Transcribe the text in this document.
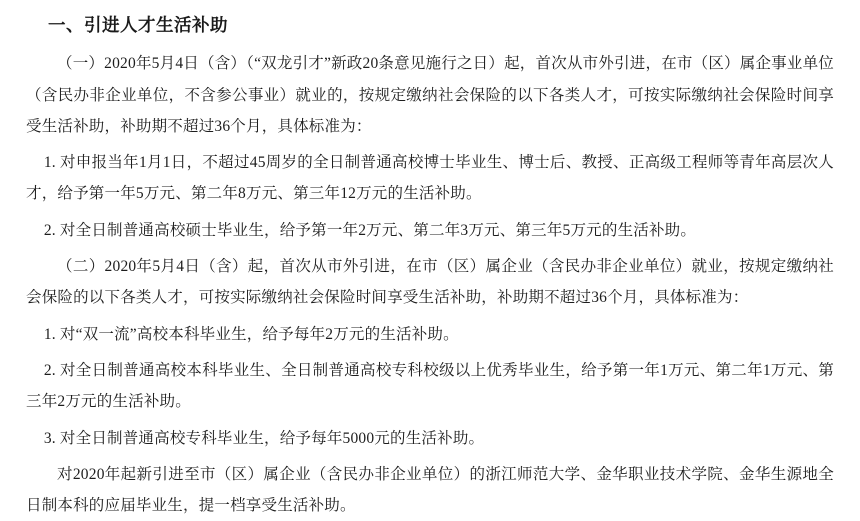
一、引进人才生活补助

（一）2020年5月4日（含）（“双龙引才”新政20条意见施行之日）起，首次从市外引进，在市（区）属企事业单位（含民办非企业单位，不含参公事业）就业的，按规定缴纳社会保险的以下各类人才，可按实际缴纳社会保险时间享受生活补助，补助期不超过36个月，具体标准为：

1. 对申报当年1月1日，不超过45周岁的全日制普通高校博士毕业生、博士后、教授、正高级工程师等青年高层次人才，给予第一年5万元、第二年8万元、第三年12万元的生活补助。

2. 对全日制普通高校硕士毕业生，给予第一年2万元、第二年3万元、第三年5万元的生活补助。

（二）2020年5月4日（含）起，首次从市外引进，在市（区）属企业（含民办非企业单位）就业，按规定缴纳社会保险的以下各类人才，可按实际缴纳社会保险时间享受生活补助，补助期不超过36个月，具体标准为：

1. 对“双一流”高校本科毕业生，给予每年2万元的生活补助。

2. 对全日制普通高校本科毕业生、全日制普通高校专科校级以上优秀毕业生，给予第一年1万元、第二年1万元、第三年2万元的生活补助。

3. 对全日制普通高校专科毕业生，给予每年5000元的生活补助。

对2020年起新引进至市（区）属企业（含民办非企业单位）的浙江师范大学、金华职业技术学院、金华生源地全日制本科的应届毕业生，提一档享受生活补助。
